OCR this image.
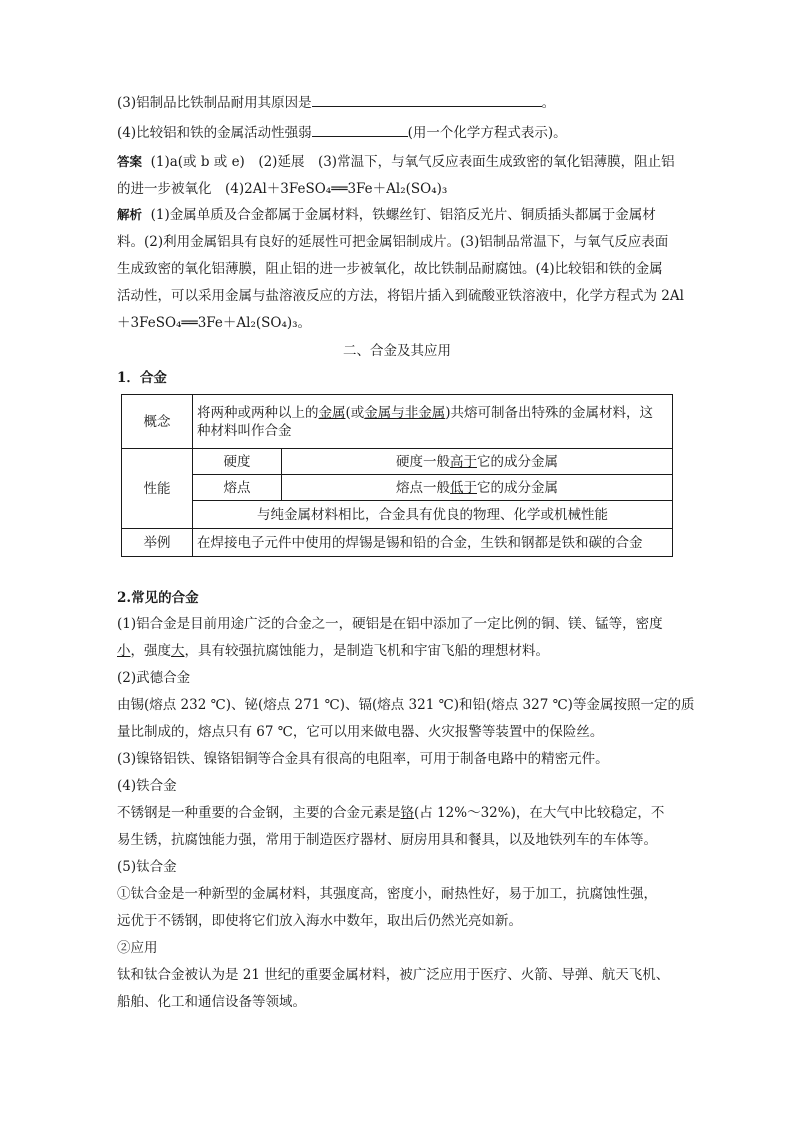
(3)铝制品比铁制品耐用其原因是	。
(4)比较铝和铁的金属活动性强弱	(用一个化学方程式表示)。
答案 (1)a(或 b 或 e)　(2)延展　(3)常温下，与氧气反应表面生成致密的氧化铝薄膜，阻止铝
的进一步被氧化　(4)2Al＋3FeSO₄══3Fe＋Al₂(SO₄)₃
解析 (1)金属单质及合金都属于金属材料，铁螺丝钉、铝箔反光片、铜质插头都属于金属材
料。(2)利用金属铝具有良好的延展性可把金属铝制成片。(3)铝制品常温下，与氧气反应表面
生成致密的氧化铝薄膜，阻止铝的进一步被氧化，故比铁制品耐腐蚀。(4)比较铝和铁的金属
活动性，可以采用金属与盐溶液反应的方法，将铝片插入到硫酸亚铁溶液中，化学方程式为 2Al
＋3FeSO₄══3Fe＋Al₂(SO₄)₃。
二、合金及其应用
1．合金
概念	将两种或两种以上的金属(或金属与非金属)共熔可制备出特殊的金属材料，这
种材料叫作合金	
性能	硬度	硬度一般高于它的成分金属
	熔点	熔点一般低于它的成分金属
	与纯金属材料相比，合金具有优良的物理、化学或机械性能	
举例	在焊接电子元件中使用的焊锡是锡和铅的合金，生铁和钢都是铁和碳的合金	
2.常见的合金
(1)铝合金是目前用途广泛的合金之一，硬铝是在铝中添加了一定比例的铜、镁、锰等，密度
小，强度大，具有较强抗腐蚀能力，是制造飞机和宇宙飞船的理想材料。
(2)武德合金
由锡(熔点 232 ℃)、铋(熔点 271 ℃)、镉(熔点 321 ℃)和铅(熔点 327 ℃)等金属按照一定的质
量比制成的，熔点只有 67 ℃，它可以用来做电器、火灾报警等装置中的保险丝。
(3)镍铬铝铁、镍铬铝铜等合金具有很高的电阻率，可用于制备电路中的精密元件。
(4)铁合金
不锈钢是一种重要的合金钢，主要的合金元素是铬(占 12%～32%)，在大气中比较稳定，不
易生锈，抗腐蚀能力强，常用于制造医疗器材、厨房用具和餐具，以及地铁列车的车体等。
(5)钛合金
①钛合金是一种新型的金属材料，其强度高，密度小，耐热性好，易于加工，抗腐蚀性强，
远优于不锈钢，即使将它们放入海水中数年，取出后仍然光亮如新。
②应用
钛和钛合金被认为是 21 世纪的重要金属材料，被广泛应用于医疗、火箭、导弹、航天飞机、
船舶、化工和通信设备等领域。
